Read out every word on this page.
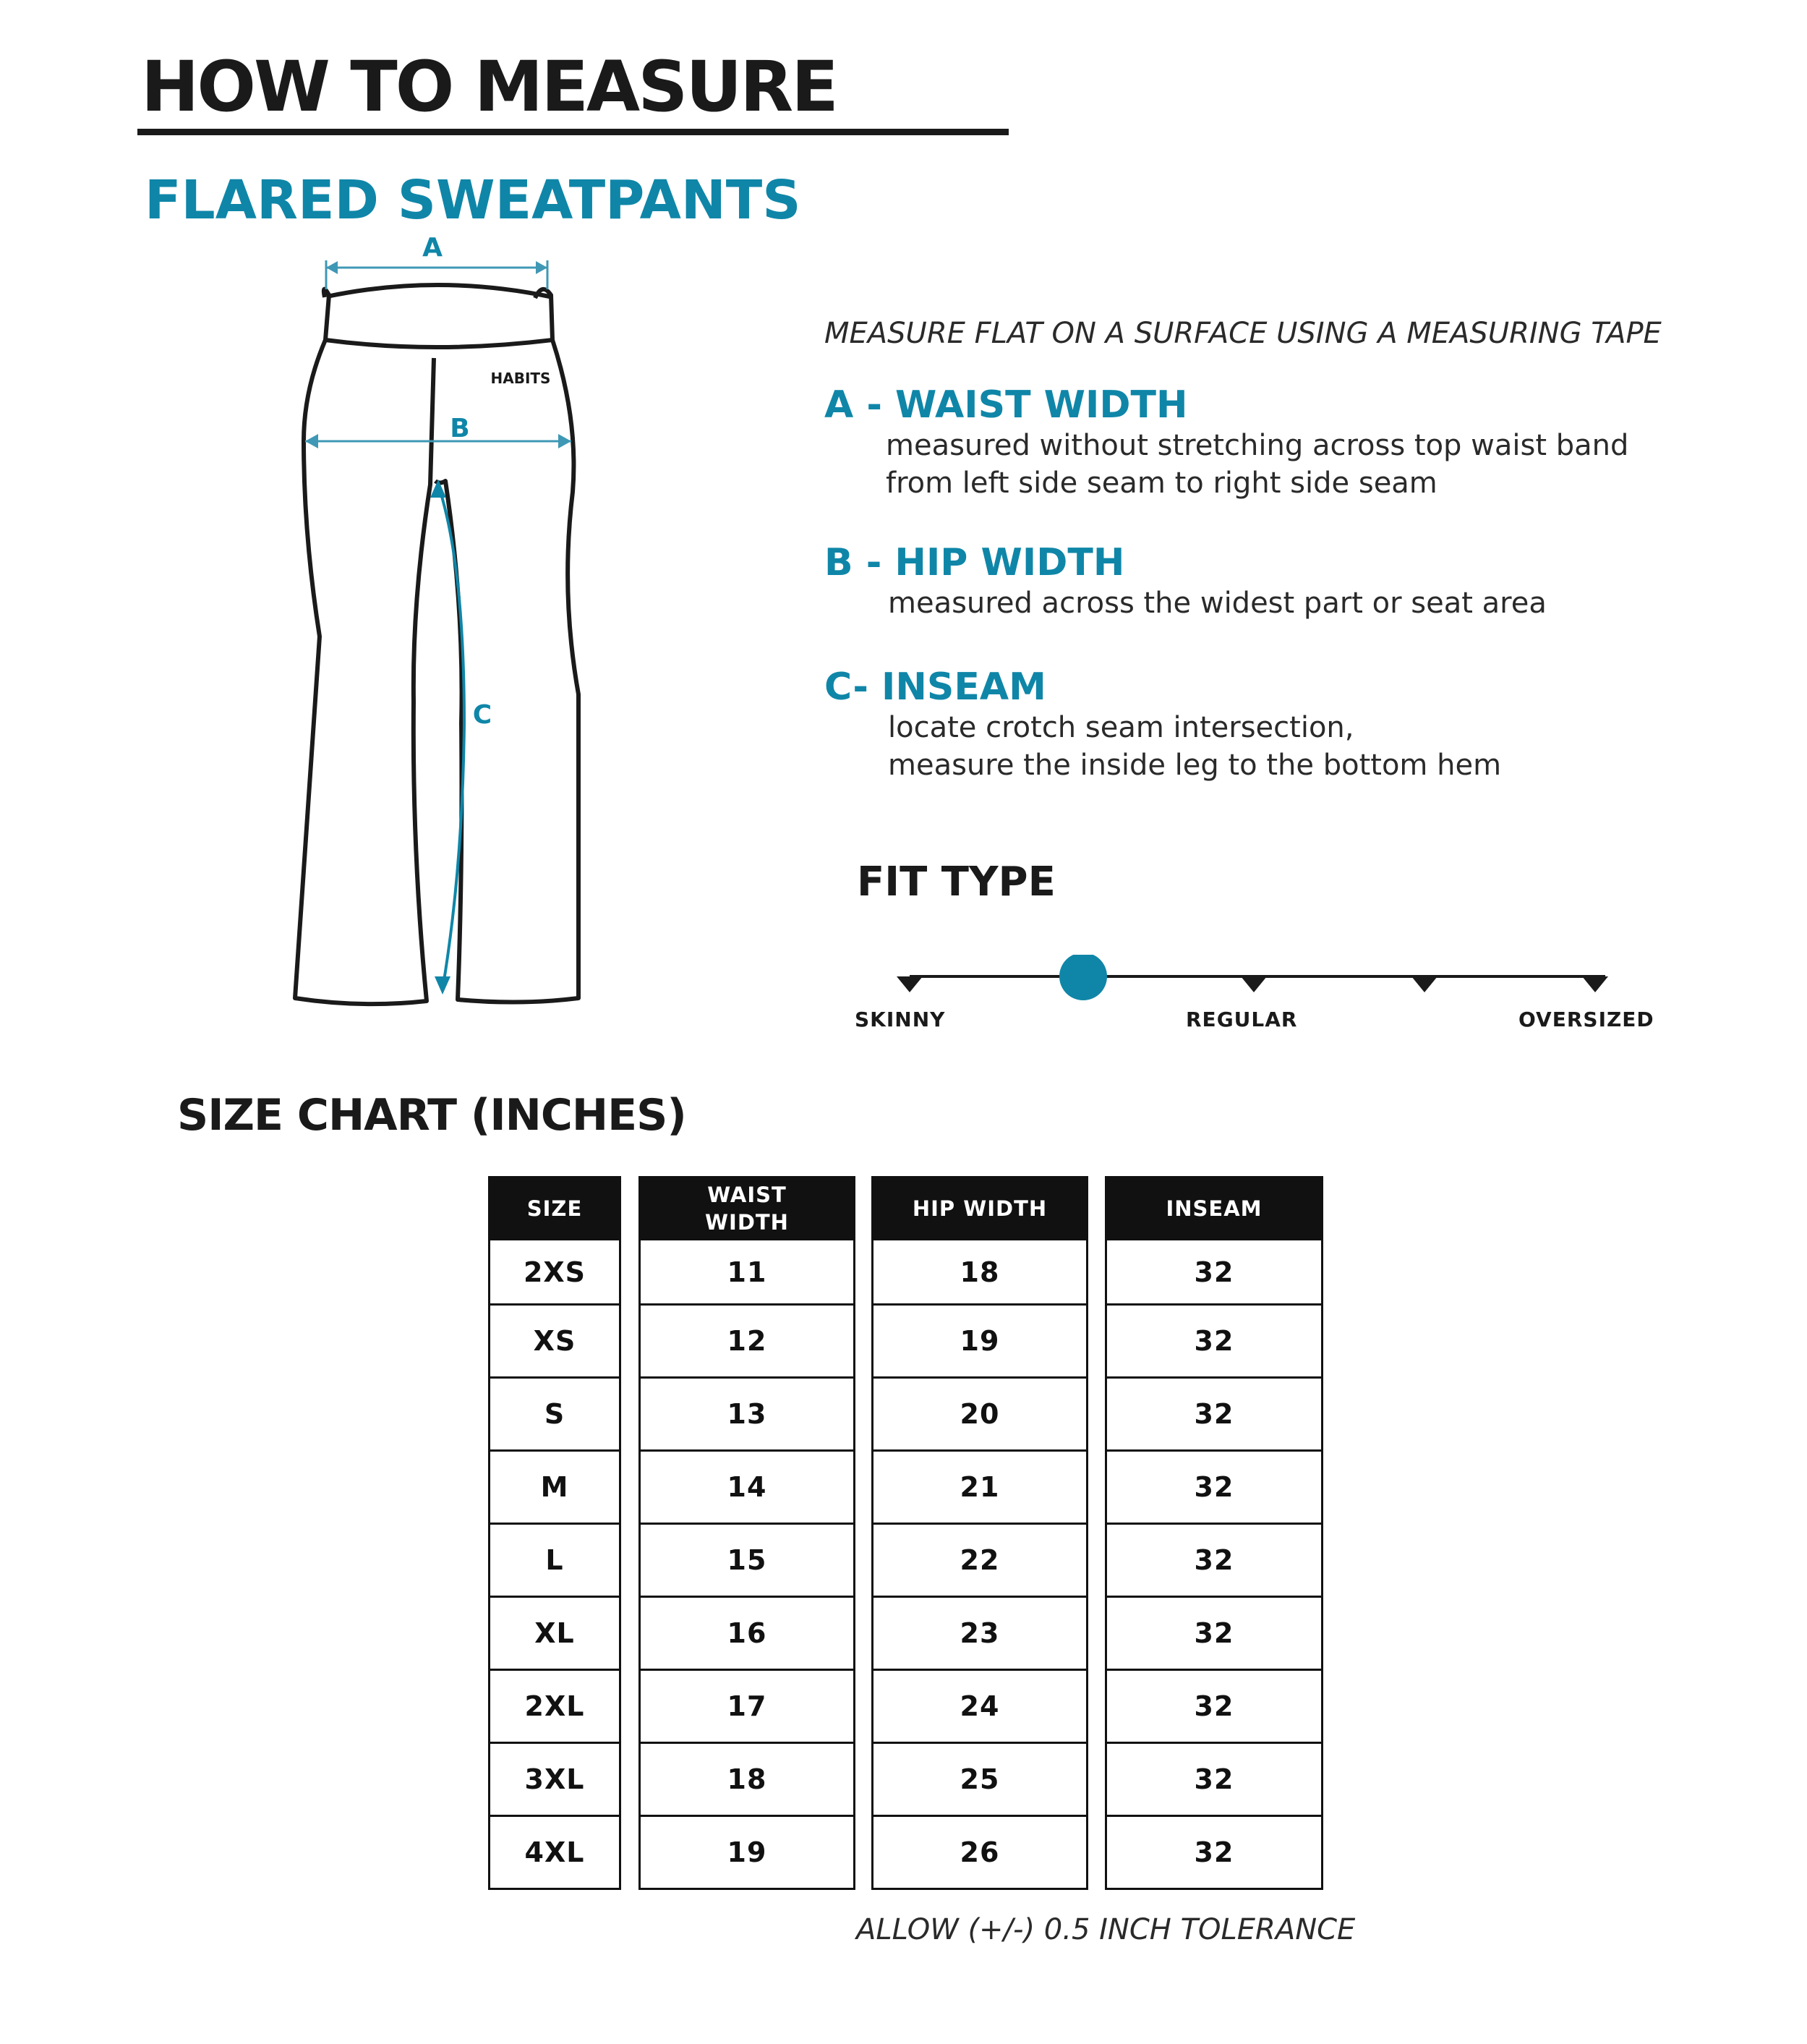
HOW TO MEASURE
FLARED SWEATPANTS
A
B
C
HABITS
MEASURE FLAT ON A SURFACE USING A MEASURING TAPE
A - WAIST WIDTH
measured without stretching across top waist band
from left side seam to right side seam
B - HIP WIDTH
measured across the widest part or seat area
C- INSEAM
locate crotch seam intersection,
measure the inside leg to the bottom hem
FIT TYPE
SKINNY	REGULAR	OVERSIZED
SIZE CHART (INCHES)
SIZE
2XS
XS
S
M
L
XL
2XL
3XL
4XL
WAIST WIDTH
11
12
13
14
15
16
17
18
19
HIP WIDTH
18
19
20
21
22
23
24
25
26
INSEAM
32
32
32
32
32
32
32
32
32
ALLOW (+/-) 0.5 INCH TOLERANCE
